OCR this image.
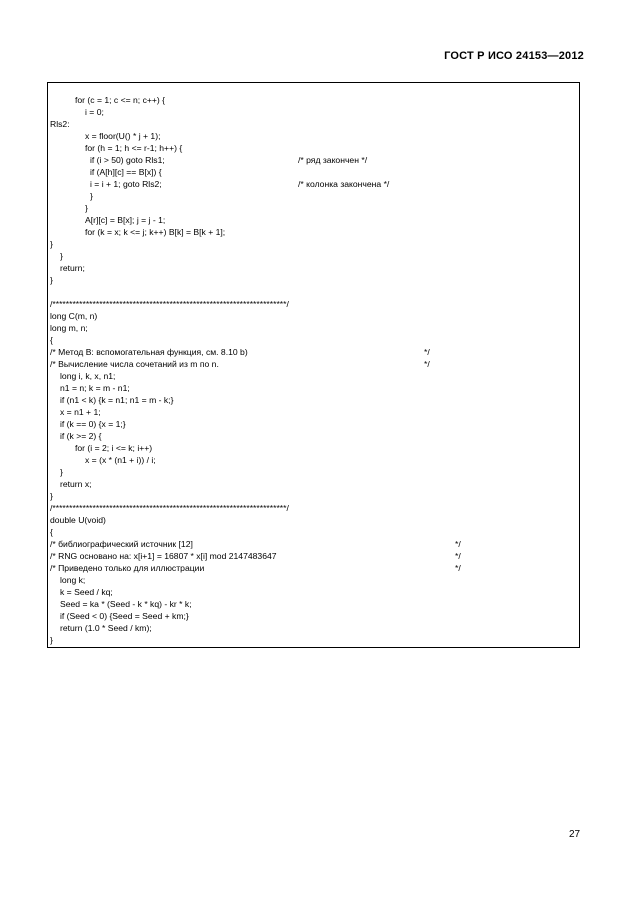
ГОСТ Р ИСО 24153—2012
for (c = 1; c <= n; c++) {
i = 0;
Rls2:
x = floor(U() * j + 1);
for (h = 1; h <= r-1; h++) {
if (i > 50) goto Rls1;	/* ряд закончен */
if (A[h][c] == B[x]) {
i = i + 1; goto Rls2;	/* колонка закончена */
}
}
A[r][c] = B[x]; j = j - 1;
for (k = x; k <= j; k++) B[k] = B[k + 1];
}
}
return;
}
/**********************************************************************/
long C(m, n)
long m, n;
{
/* Метод В: вспомогательная функция, см. 8.10 b)	*/
/* Вычисление числа сочетаний из m по n.	*/
long i, k, x, n1;
n1 = n; k = m - n1;
if (n1 < k) {k = n1; n1 = m - k;}
x = n1 + 1;
if (k == 0) {x = 1;}
if (k >= 2) {
for (i = 2; i <= k; i++)
x = (x * (n1 + i)) / i;
}
return x;
}
/**********************************************************************/
double U(void)
{
/* библиографический источник [12]	*/
/* RNG основано на: x[i+1] = 16807 * x[i] mod 2147483647	*/
/* Приведено только для иллюстрации	*/
long k;
k = Seed / kq;
Seed = ka * (Seed - k * kq) - kr * k;
if (Seed < 0) {Seed = Seed + km;}
return (1.0 * Seed / km);
}
27
